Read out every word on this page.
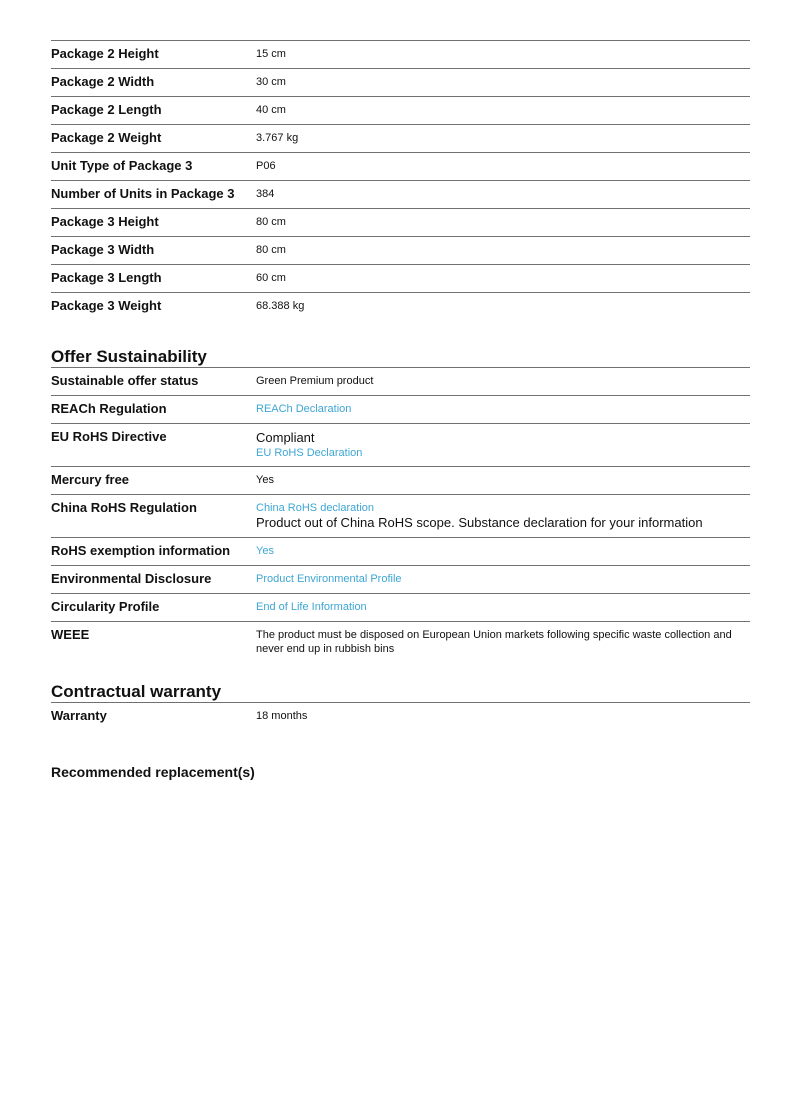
Package 2 Height	15 cm
Package 2 Width	30 cm
Package 2 Length	40 cm
Package 2 Weight	3.767 kg
Unit Type of Package 3	P06
Number of Units in Package 3	384
Package 3 Height	80 cm
Package 3 Width	80 cm
Package 3 Length	60 cm
Package 3 Weight	68.388 kg
Offer Sustainability
Sustainable offer status	Green Premium product
REACh Regulation	REACh Declaration
EU RoHS Directive	Compliant
EU RoHS Declaration
Mercury free	Yes
China RoHS Regulation	China RoHS declaration
Product out of China RoHS scope. Substance declaration for your information
RoHS exemption information	Yes
Environmental Disclosure	Product Environmental Profile
Circularity Profile	End of Life Information
WEEE	The product must be disposed on European Union markets following specific waste collection and never end up in rubbish bins
Contractual warranty
Warranty	18 months
Recommended replacement(s)
